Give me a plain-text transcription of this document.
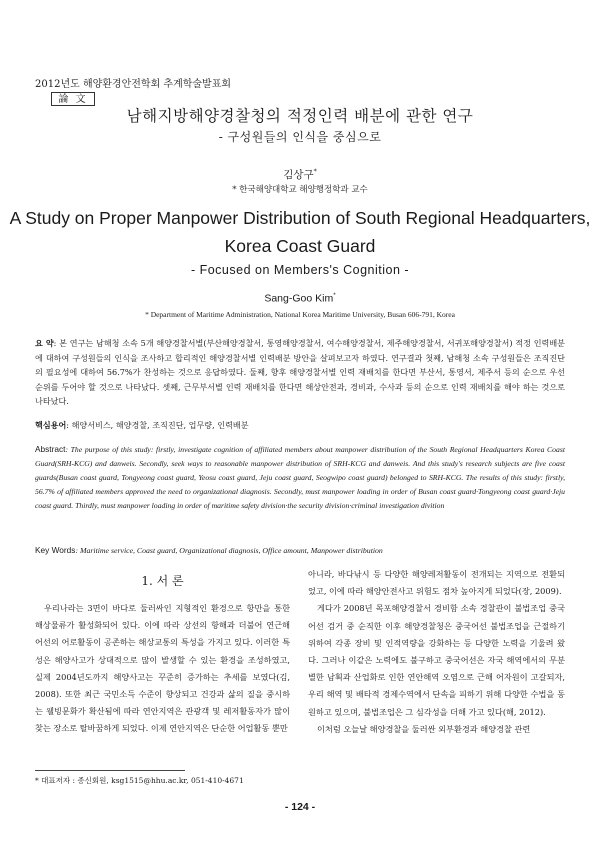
2012년도 해양환경안전학회 추계학술발표회
論 文
남해지방해양경찰청의 적정인력 배분에 관한 연구
- 구성원들의 인식을 중심으로
김상구*
* 한국해양대학교 해양행정학과 교수
A Study on Proper Manpower Distribution of South Regional Headquarters,
Korea Coast Guard
- Focused on Members's Cognition -
Sang-Goo Kim*
* Department of Maritime Administration, National Korea Maritime University, Busan 606-791, Korea
요 약: 본 연구는 남해청 소속 5개 해양경찰서별(부산해양경찰서, 통영해양경찰서, 여수해양경찰서, 제주해양경찰서, 서귀포해양경찰서) 적정 인력배분에 대하여 구성원들의 인식을 조사하고 합리적인 해양경찰서별 인력배분 방안을 살펴보고자 하였다. 연구결과 첫째, 남해청 소속 구성원들은 조직진단의 필요성에 대하여 56.7%가 찬성하는 것으로 응답하였다. 둘째, 향후 해양경찰서별 인력 재배치를 한다면 부산서, 통영서, 제주서 등의 순으로 우선 순위를 두어야 할 것으로 나타났다. 셋째, 근무부서별 인력 재배치를 한다면 해상안전과, 경비과, 수사과 등의 순으로 인력 재배치를 해야 하는 것으로 나타났다.
핵심용어: 해양서비스, 해양경찰, 조직진단, 업무량, 인력배분
Abstract: The purpose of this study: firstly, investigate cognition of affiliated members about manpower distribution of the South Regional Headquarters Korea Coast Guard(SRH-KCG) and danweis. Secondly, seek ways to reasonable manpower distribution of SRH-KCG and danweis. And this study's research subjects are five coast guards(Busan coast guard, Tongyeong coast guard, Yeosu coast guard, Jeju coast guard, Seogwipo coast guard) belonged to SRH-KCG. The results of this study: firstly, 56.7% of affiliated members approved the need to organizational diagnosis. Secondly, must manpower loading in order of Busan coast guard·Tongyeong coast guard·Jeju coast guard. Thirdly, must manpower loading in order of maritime safety division·the security division·criminal investigation divition
Key Words: Maritime service, Coast guard, Organizational diagnosis, Office amount, Manpower distribution
1. 서 론

우리나라는 3면이 바다로 둘러싸인 지형적인 환경으로 항만을 통한 해상물류가 활성화되어 있다. 이에 따라 상선의 항해과 더불어 연근해 어선의 어로활동이 공존하는 해상교통의 특성을 가지고 있다. 이러한 특성은 해양사고가 상대적으로 많이 발생할 수 있는 환경을 조성하였고, 실제 2004년도까지 해양사고는 꾸준히 증가하는 추세를 보였다(김, 2008). 또한 최근 국민소득 수준이 향상되고 건강과 삶의 질을 중시하는 웰빙문화가 확산됨에 따라 연안지역은 관광객 및 레저활동자가 많이 찾는 장소로 탈바꿈하게 되었다. 이제 연안지역은 단순한 어업활동 뿐만

아니라, 바다낚시 등 다양한 해양레저활동이 전개되는 지역으로 전환되었고, 이에 따라 해양안전사고 위험도 점차 높아지게 되었다(장, 2009).

게다가 2008년 목포해양경찰서 경비함 소속 경찰관이 불법조업 중국어선 검거 중 순직한 이후 해양경찰청은 중국어선 불법조업을 근절하기 위하여 각종 장비 및 인적역량을 강화하는 등 다양한 노력을 기울려 왔다. 그러나 이같은 노력에도 불구하고 중국어선은 자국 해역에서의 무분별한 남획과 산업화로 인한 연안해역 오염으로 근해 어자원이 고갈되자, 우리 해역 및 배타적 경제수역에서 단속을 피하기 위해 다양한 수법을 동원하고 있으며, 불법조업은 그 심각성을 더해 가고 있다(해, 2012).

이처럼 오늘날 해양경찰을 둘러싼 외부환경과 해양경찰 관련

* 대표저자 : 종신회원, ksg1515@hhu.ac.kr, 051-410-4671
- 124 -
